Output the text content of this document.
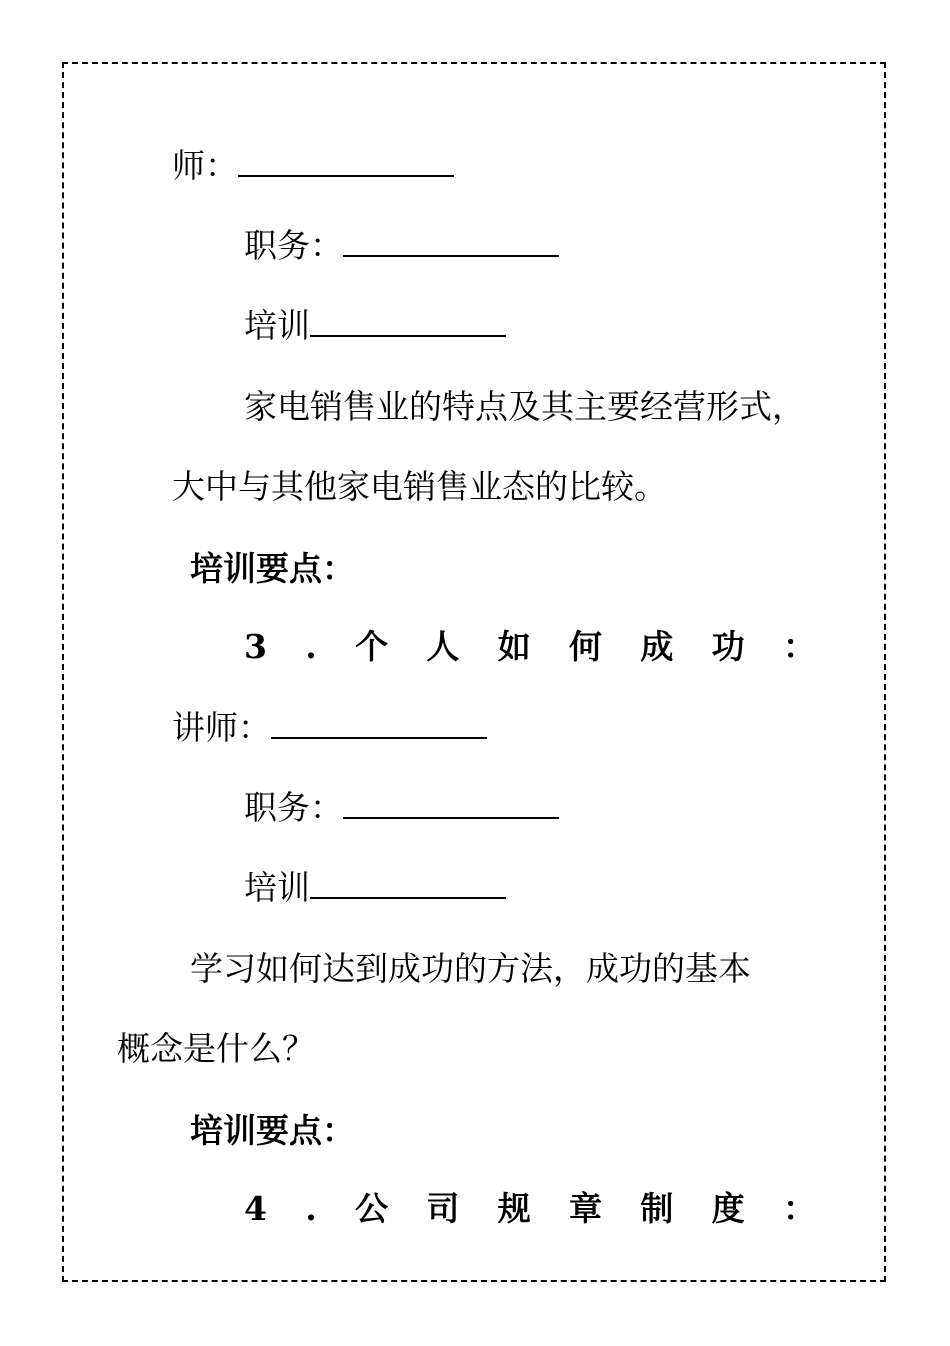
师：
职务：
培训
家电销售业的特点及其主要经营形式，
大中与其他家电销售业态的比较。
培训要点：
3 . 个 人 如 何 成 功 ：
讲师：
职务：
培训
学习如何达到成功的方法，成功的基本
概念是什么？
培训要点：
4 . 公 司 规 章 制 度 ：
